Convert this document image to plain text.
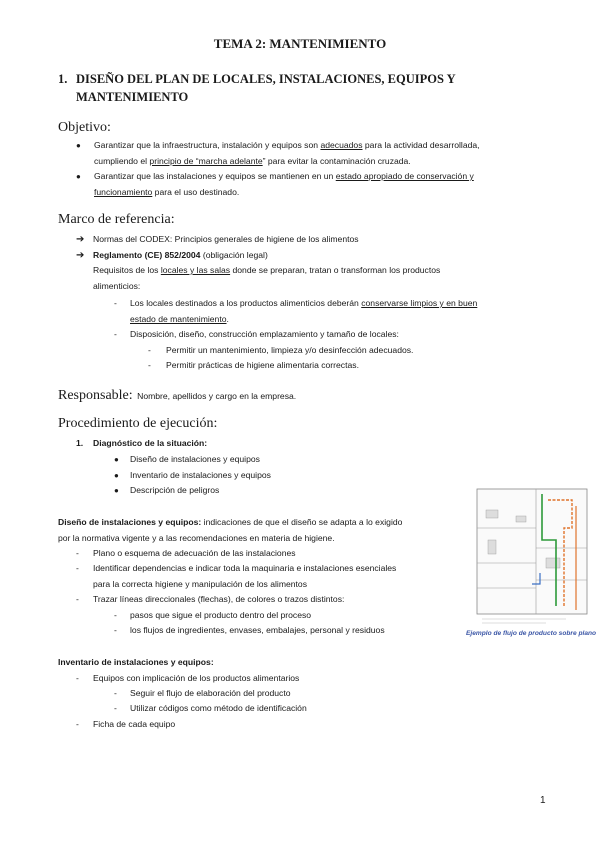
TEMA 2: MANTENIMIENTO
1. DISEÑO DEL PLAN DE LOCALES, INSTALACIONES, EQUIPOS Y
MANTENIMIENTO
Objetivo:
● Garantizar que la infraestructura, instalación y equipos son adecuados para la actividad desarrollada,
cumpliendo el principio de “marcha adelante” para evitar la contaminación cruzada.
● Garantizar que las instalaciones y equipos se mantienen en un estado apropiado de conservación y
funcionamiento para el uso destinado.
Marco de referencia:
➔ Normas del CODEX: Principios generales de higiene de los alimentos
➔ Reglamento (CE) 852/2004 (obligación legal)
Requisitos de los locales y las salas donde se preparan, tratan o transforman los productos
alimenticios:
- Los locales destinados a los productos alimenticios deberán conservarse limpios y en buen
estado de mantenimiento.
- Disposición, diseño, construcción emplazamiento y tamaño de locales:
- Permitir un mantenimiento, limpieza y/o desinfección adecuados.
- Permitir prácticas de higiene alimentaria correctas.
Responsable: Nombre, apellidos y cargo en la empresa.
Procedimiento de ejecución:
1. Diagnóstico de la situación:
● Diseño de instalaciones y equipos
● Inventario de instalaciones y equipos
● Descripción de peligros
Diseño de instalaciones y equipos: indicaciones de que el diseño se adapta a lo exigido
por la normativa vigente y a las recomendaciones en materia de higiene.
- Plano o esquema de adecuación de las instalaciones
- Identificar dependencias e indicar toda la maquinaria e instalaciones esenciales
para la correcta higiene y manipulación de los alimentos
- Trazar líneas direccionales (flechas), de colores o trazos distintos:
- pasos que sigue el producto dentro del proceso
- los flujos de ingredientes, envases, embalajes, personal y residuos	Ejemplo de flujo de producto sobre plano
Inventario de instalaciones y equipos:
- Equipos con implicación de los productos alimentarios
- Seguir el flujo de elaboración del producto
- Utilizar códigos como método de identificación
- Ficha de cada equipo
1
